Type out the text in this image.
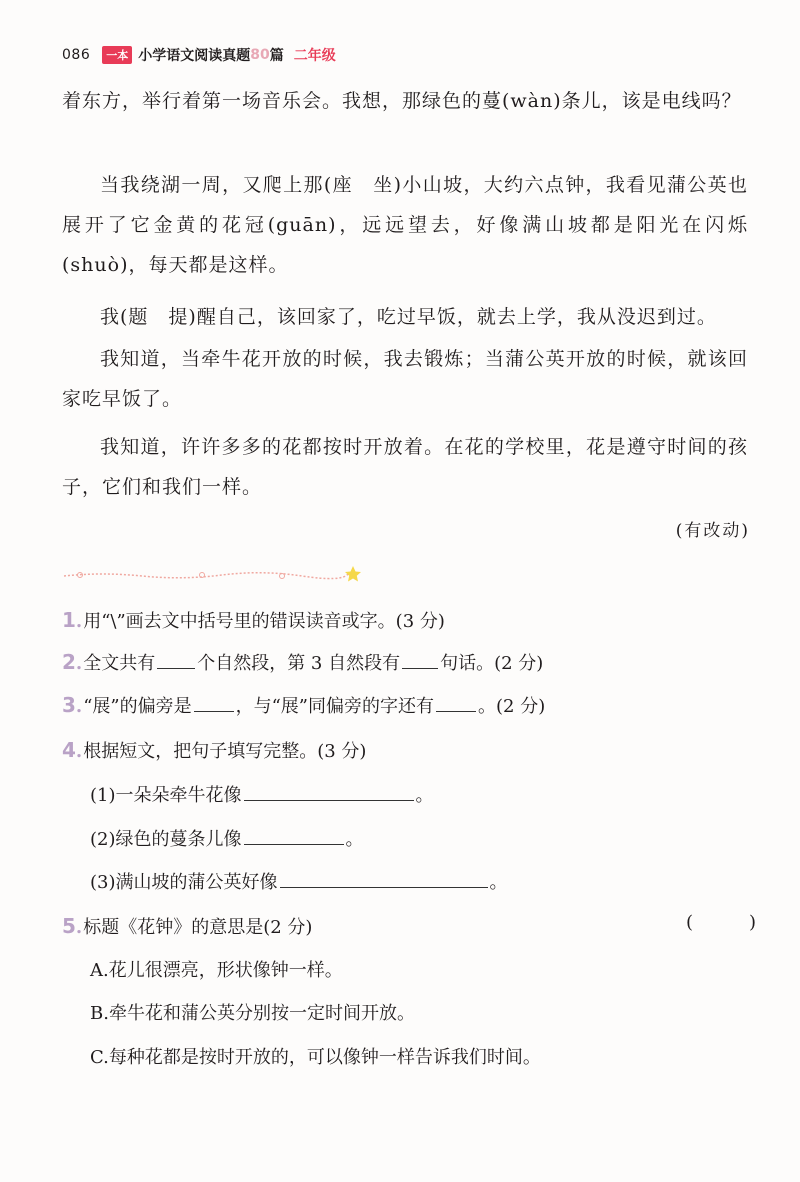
086	一本 小学语文阅读真题 80 篇 二年级

着东方，举行着第一场音乐会。我想，那绿色的蔓(wàn)条儿，该是电线吗？

当我绕湖一周，又爬上那(座　坐)小山坡，大约六点钟，我看见蒲公英也展开了它金黄的花冠(guān)，远远望去，好像满山坡都是阳光在闪烁(shuò)，每天都是这样。

我(题　提)醒自己，该回家了，吃过早饭，就去上学，我从没迟到过。

我知道，当牵牛花开放的时候，我去锻炼；当蒲公英开放的时候，就该回家吃早饭了。

我知道，许许多多的花都按时开放着。在花的学校里，花是遵守时间的孩子，它们和我们一样。

(有改动)
1 . 用“\”画去文中括号里的错误读音或字。(3 分)
2 . 全文共有 个自然段，第 3 自然段有 句话。(2 分)
3 . “展”的偏旁是 ，与“展”同偏旁的字还有 。(2 分)
4 . 根据短文，把句子填写完整。(3 分)
(1)一朵朵牵牛花像	。
(2)绿色的蔓条儿像	。
(3)满山坡的蒲公英好像	。
5 . 标题《花钟》的意思是(2 分)	(	)
A.花儿很漂亮，形状像钟一样。
B.牵牛花和蒲公英分别按一定时间开放。
C.每种花都是按时开放的，可以像钟一样告诉我们时间。
